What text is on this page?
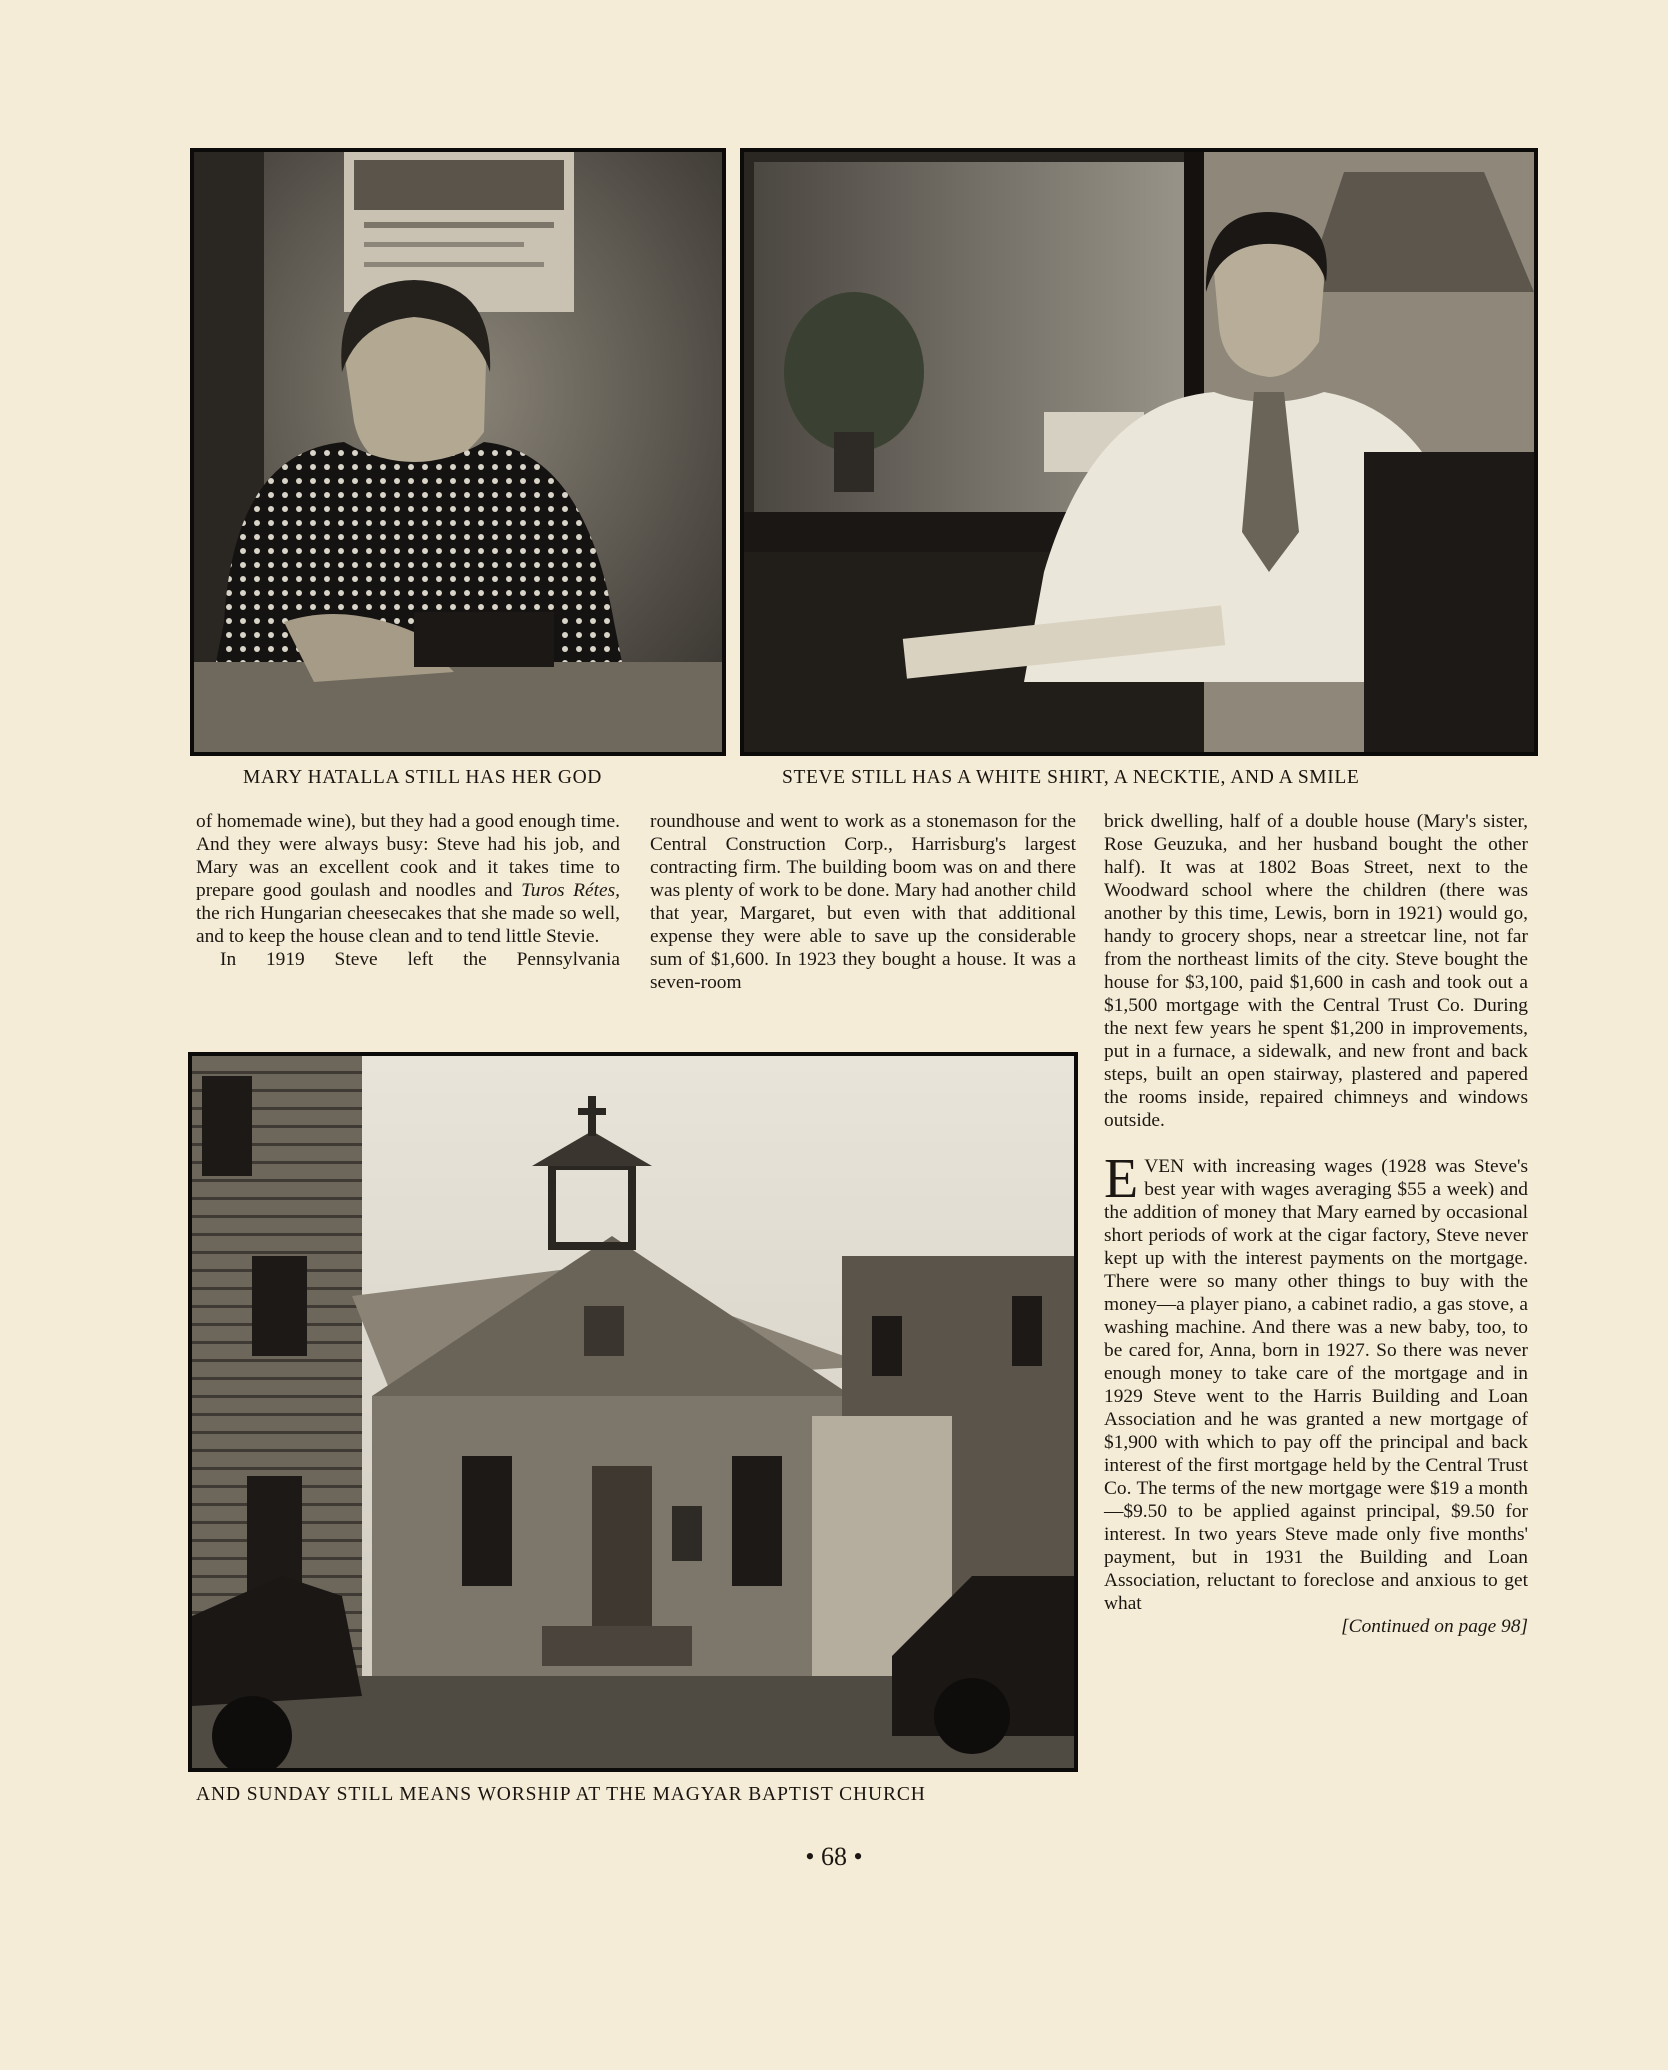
MARY HATALLA STILL HAS HER GOD	STEVE STILL HAS A WHITE SHIRT, A NECKTIE, AND A SMILE

of homemade wine), but they had a good enough time. And they were always busy: Steve had his job, and Mary was an excellent cook and it takes time to prepare good goulash and noodles and Turos Rétes, the rich Hungarian cheesecakes that she made so well, and to keep the house clean and to tend little Stevie.

In 1919 Steve left the Pennsylvania

roundhouse and went to work as a stonemason for the Central Construction Corp., Harrisburg's largest contracting firm. The building boom was on and there was plenty of work to be done. Mary had another child that year, Margaret, but even with that additional expense they were able to save up the considerable sum of $1,600. In 1923 they bought a house. It was a seven-room

AND SUNDAY STILL MEANS WORSHIP AT THE MAGYAR BAPTIST CHURCH

brick dwelling, half of a double house (Mary's sister, Rose Geuzuka, and her husband bought the other half). It was at 1802 Boas Street, next to the Woodward school where the children (there was another by this time, Lewis, born in 1921) would go, handy to grocery shops, near a streetcar line, not far from the northeast limits of the city. Steve bought the house for $3,100, paid $1,600 in cash and took out a $1,500 mortgage with the Central Trust Co. During the next few years he spent $1,200 in improvements, put in a furnace, a sidewalk, and new front and back steps, built an open stairway, plastered and papered the rooms inside, repaired chimneys and windows outside.

EVEN with increasing wages (1928 was Steve's best year with wages averaging $55 a week) and the addition of money that Mary earned by occasional short periods of work at the cigar factory, Steve never kept up with the interest payments on the mortgage. There were so many other things to buy with the money—a player piano, a cabinet radio, a gas stove, a washing machine. And there was a new baby, too, to be cared for, Anna, born in 1927. So there was never enough money to take care of the mortgage and in 1929 Steve went to the Harris Building and Loan Association and he was granted a new mortgage of $1,900 with which to pay off the principal and back interest of the first mortgage held by the Central Trust Co. The terms of the new mortgage were $19 a month—$9.50 to be applied against principal, $9.50 for interest. In two years Steve made only five months' payment, but in 1931 the Building and Loan Association, reluctant to foreclose and anxious to get what

[Continued on page 98]

• 68 •
